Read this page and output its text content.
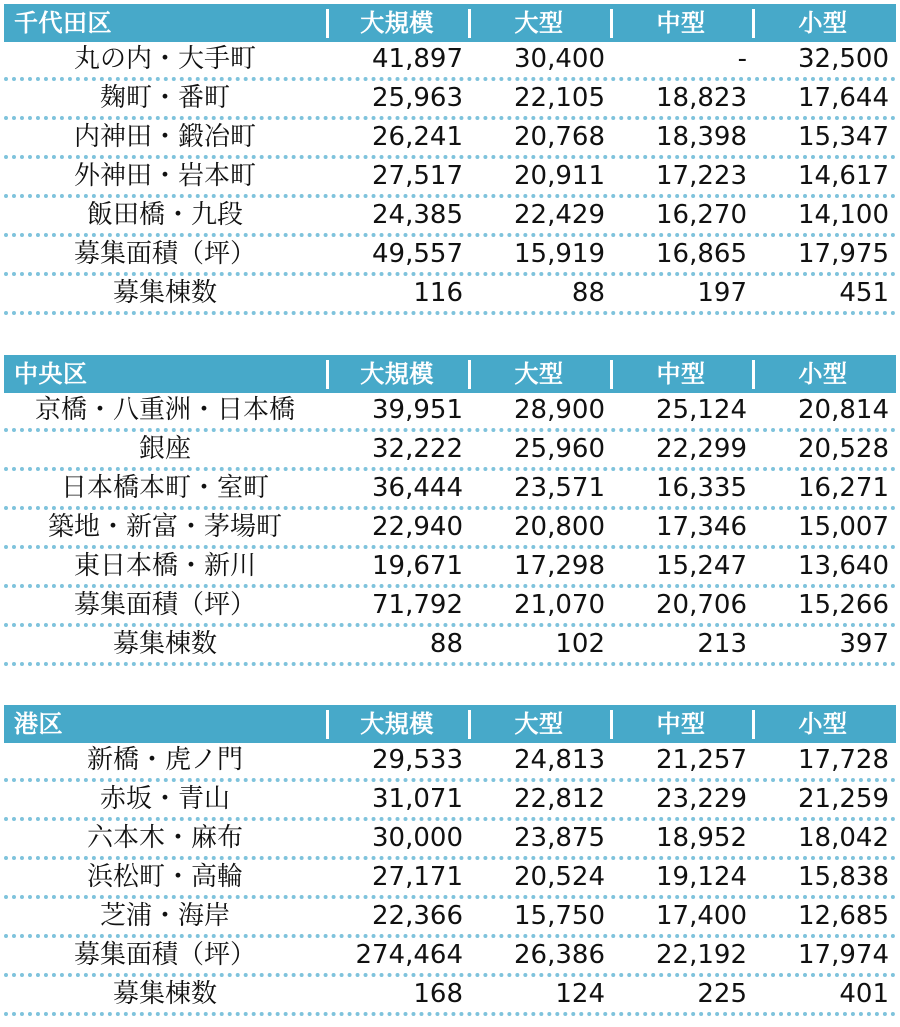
千代田区	大規模	大型	中型	小型
丸の内・大手町	41,897	30,400	-	32,500
麹町・番町	25,963	22,105	18,823	17,644
内神田・鍛冶町	26,241	20,768	18,398	15,347
外神田・岩本町	27,517	20,911	17,223	14,617
飯田橋・九段	24,385	22,429	16,270	14,100
募集面積（坪）	49,557	15,919	16,865	17,975
募集棟数	116	88	197	451
中央区	大規模	大型	中型	小型
京橋・八重洲・日本橋	39,951	28,900	25,124	20,814
銀座	32,222	25,960	22,299	20,528
日本橋本町・室町	36,444	23,571	16,335	16,271
築地・新富・茅場町	22,940	20,800	17,346	15,007
東日本橋・新川	19,671	17,298	15,247	13,640
募集面積（坪）	71,792	21,070	20,706	15,266
募集棟数	88	102	213	397
港区	大規模	大型	中型	小型
新橋・虎ノ門	29,533	24,813	21,257	17,728
赤坂・青山	31,071	22,812	23,229	21,259
六本木・麻布	30,000	23,875	18,952	18,042
浜松町・高輪	27,171	20,524	19,124	15,838
芝浦・海岸	22,366	15,750	17,400	12,685
募集面積（坪）	274,464	26,386	22,192	17,974
募集棟数	168	124	225	401
